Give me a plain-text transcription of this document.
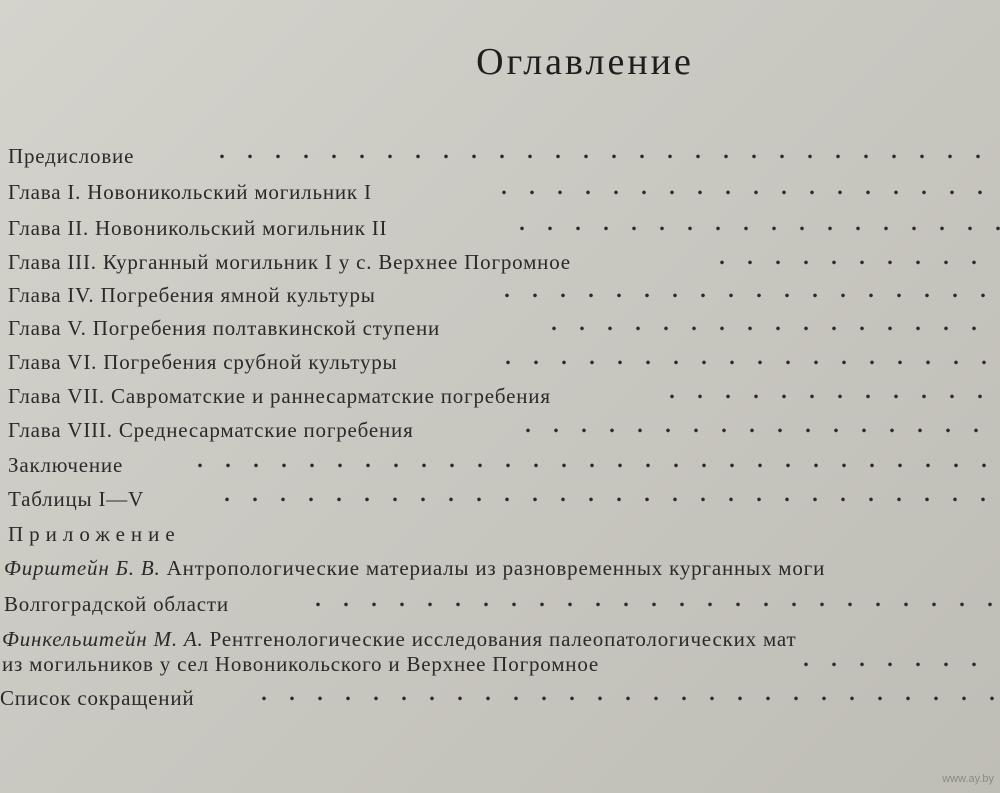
Оглавление
Предисловие
Глава I. Новоникольский могильник I
Глава II. Новоникольский могильник II
Глава III. Курганный могильник I у с. Верхнее Погромное
Глава IV. Погребения ямной культуры
Глава V. Погребения полтавкинской ступени
Глава VI. Погребения срубной культуры
Глава VII. Савроматские и раннесарматские погребения
Глава VIII. Среднесарматские погребения
Заключение
Таблицы I—V
Приложение
Фирштейн Б. В. Антропологические материалы из разновременных курганных моги
Волгоградской области
Финкельштейн М. А. Рентгенологические исследования палеопатологических мат
из могильников у сел Новоникольского и Верхнее Погромное
Список сокращений
www.ay.by
